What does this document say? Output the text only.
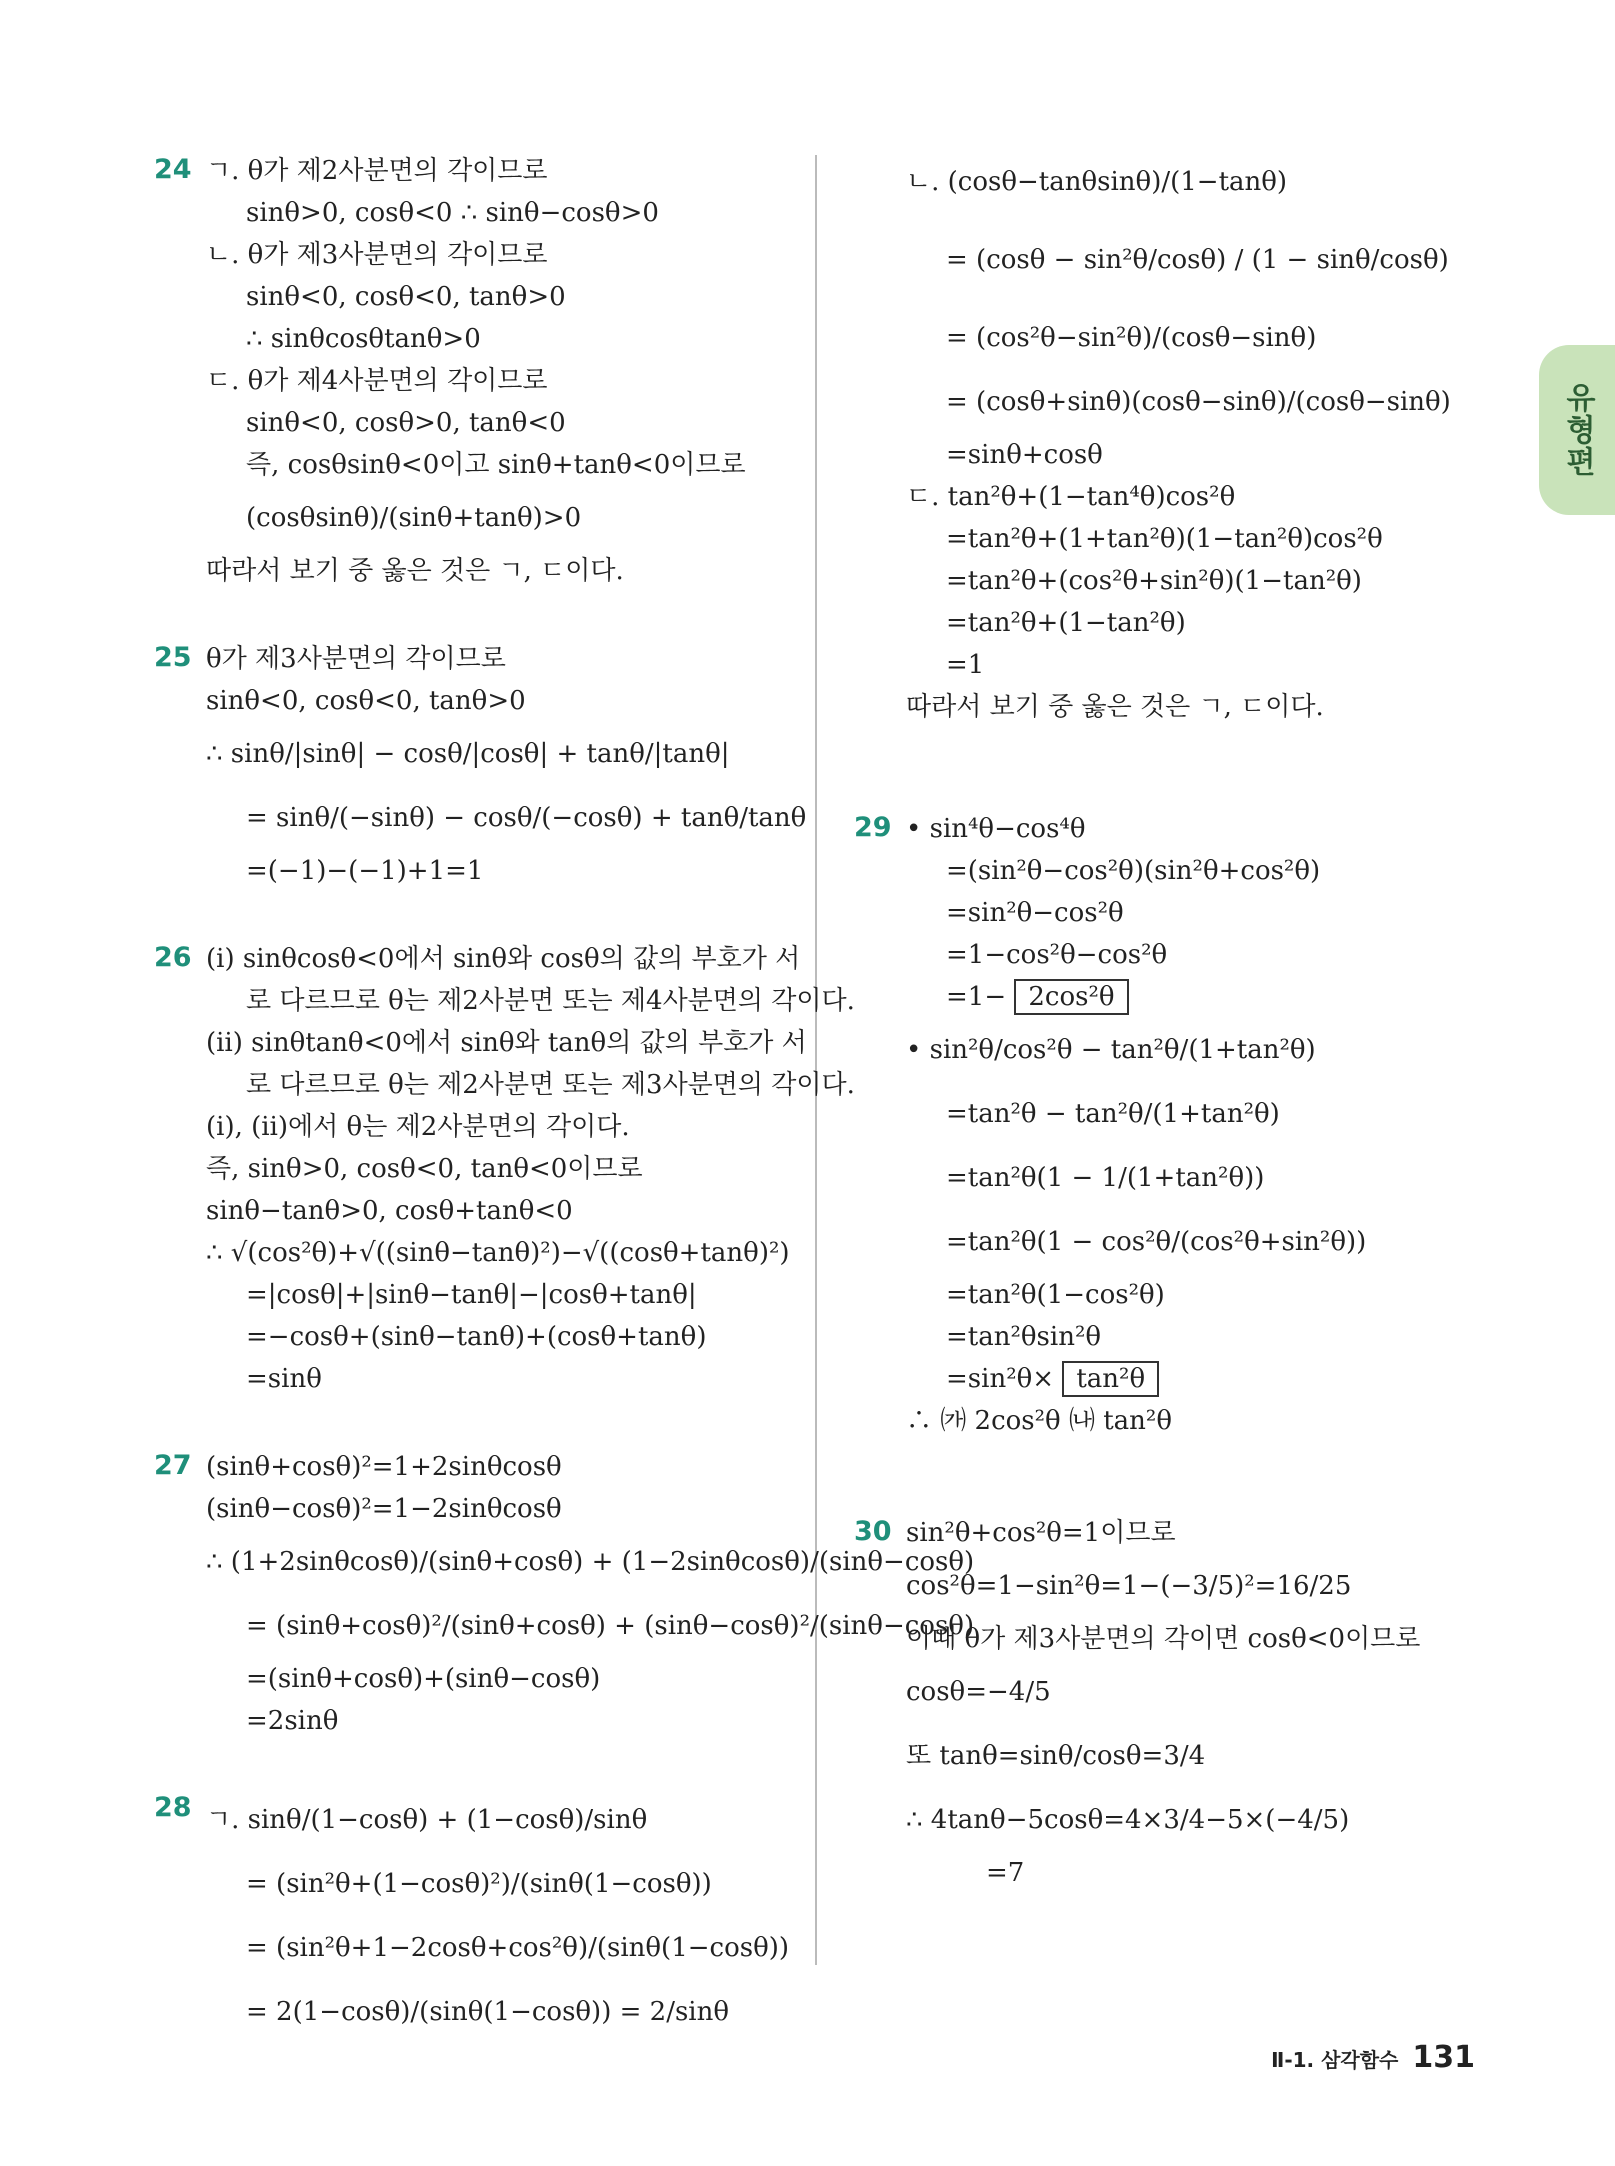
24 ㄱ. θ가 제2사분면의 각이므로
sinθ>0, cosθ<0 ∴ sinθ−cosθ>0
ㄴ. θ가 제3사분면의 각이므로
sinθ<0, cosθ<0, tanθ>0
∴ sinθcosθtanθ>0
ㄷ. θ가 제4사분면의 각이므로
sinθ<0, cosθ>0, tanθ<0
즉, cosθsinθ<0이고 sinθ+tanθ<0이므로
(cosθsinθ)/(sinθ+tanθ)>0
따라서 보기 중 옳은 것은 ㄱ, ㄷ이다.
25 θ가 제3사분면의 각이므로
sinθ<0, cosθ<0, tanθ>0
∴ sinθ/|sinθ| − cosθ/|cosθ| + tanθ/|tanθ|
= sinθ/(−sinθ) − cosθ/(−cosθ) + tanθ/tanθ
=(−1)−(−1)+1=1
26 (ⅰ) sinθcosθ<0에서 sinθ와 cosθ의 값의 부호가 서
로 다르므로 θ는 제2사분면 또는 제4사분면의 각이다.
(ⅱ) sinθtanθ<0에서 sinθ와 tanθ의 값의 부호가 서
로 다르므로 θ는 제2사분면 또는 제3사분면의 각이다.
(ⅰ), (ⅱ)에서 θ는 제2사분면의 각이다.
즉, sinθ>0, cosθ<0, tanθ<0이므로
sinθ−tanθ>0, cosθ+tanθ<0
∴ √(cos²θ)+√((sinθ−tanθ)²)−√((cosθ+tanθ)²)
=|cosθ|+|sinθ−tanθ|−|cosθ+tanθ|
=−cosθ+(sinθ−tanθ)+(cosθ+tanθ)
=sinθ
27 (sinθ+cosθ)²=1+2sinθcosθ
(sinθ−cosθ)²=1−2sinθcosθ
∴ (1+2sinθcosθ)/(sinθ+cosθ) + (1−2sinθcosθ)/(sinθ−cosθ)
= (sinθ+cosθ)²/(sinθ+cosθ) + (sinθ−cosθ)²/(sinθ−cosθ)
=(sinθ+cosθ)+(sinθ−cosθ)
=2sinθ
28 ㄱ. sinθ/(1−cosθ) + (1−cosθ)/sinθ
= (sin²θ+(1−cosθ)²)/(sinθ(1−cosθ))
= (sin²θ+1−2cosθ+cos²θ)/(sinθ(1−cosθ))
= 2(1−cosθ)/(sinθ(1−cosθ)) = 2/sinθ
ㄴ. (cosθ−tanθsinθ)/(1−tanθ)
= (cosθ − sin²θ/cosθ) / (1 − sinθ/cosθ)
= (cos²θ−sin²θ)/(cosθ−sinθ)
= (cosθ+sinθ)(cosθ−sinθ)/(cosθ−sinθ)
=sinθ+cosθ
ㄷ. tan²θ+(1−tan⁴θ)cos²θ
=tan²θ+(1+tan²θ)(1−tan²θ)cos²θ
=tan²θ+(cos²θ+sin²θ)(1−tan²θ)
=tan²θ+(1−tan²θ)
=1
따라서 보기 중 옳은 것은 ㄱ, ㄷ이다.
29 • sin⁴θ−cos⁴θ
=(sin²θ−cos²θ)(sin²θ+cos²θ)
=sin²θ−cos²θ
=1−cos²θ−cos²θ
=1− 2cos²θ
• sin²θ/cos²θ − tan²θ/(1+tan²θ)
=tan²θ − tan²θ/(1+tan²θ)
=tan²θ(1 − 1/(1+tan²θ))
=tan²θ(1 − cos²θ/(cos²θ+sin²θ))
=tan²θ(1−cos²θ)
=tan²θsin²θ
=sin²θ× tan²θ
∴ ㈎ 2cos²θ ㈏ tan²θ
30 sin²θ+cos²θ=1이므로
cos²θ=1−sin²θ=1−(−3/5)²=16/25
이때 θ가 제3사분면의 각이면 cosθ<0이므로
cosθ=−4/5
또 tanθ=sinθ/cosθ=3/4
∴ 4tanθ−5cosθ=4×3/4−5×(−4/5)
=7
유형편
Ⅱ-1. 삼각함수 131
